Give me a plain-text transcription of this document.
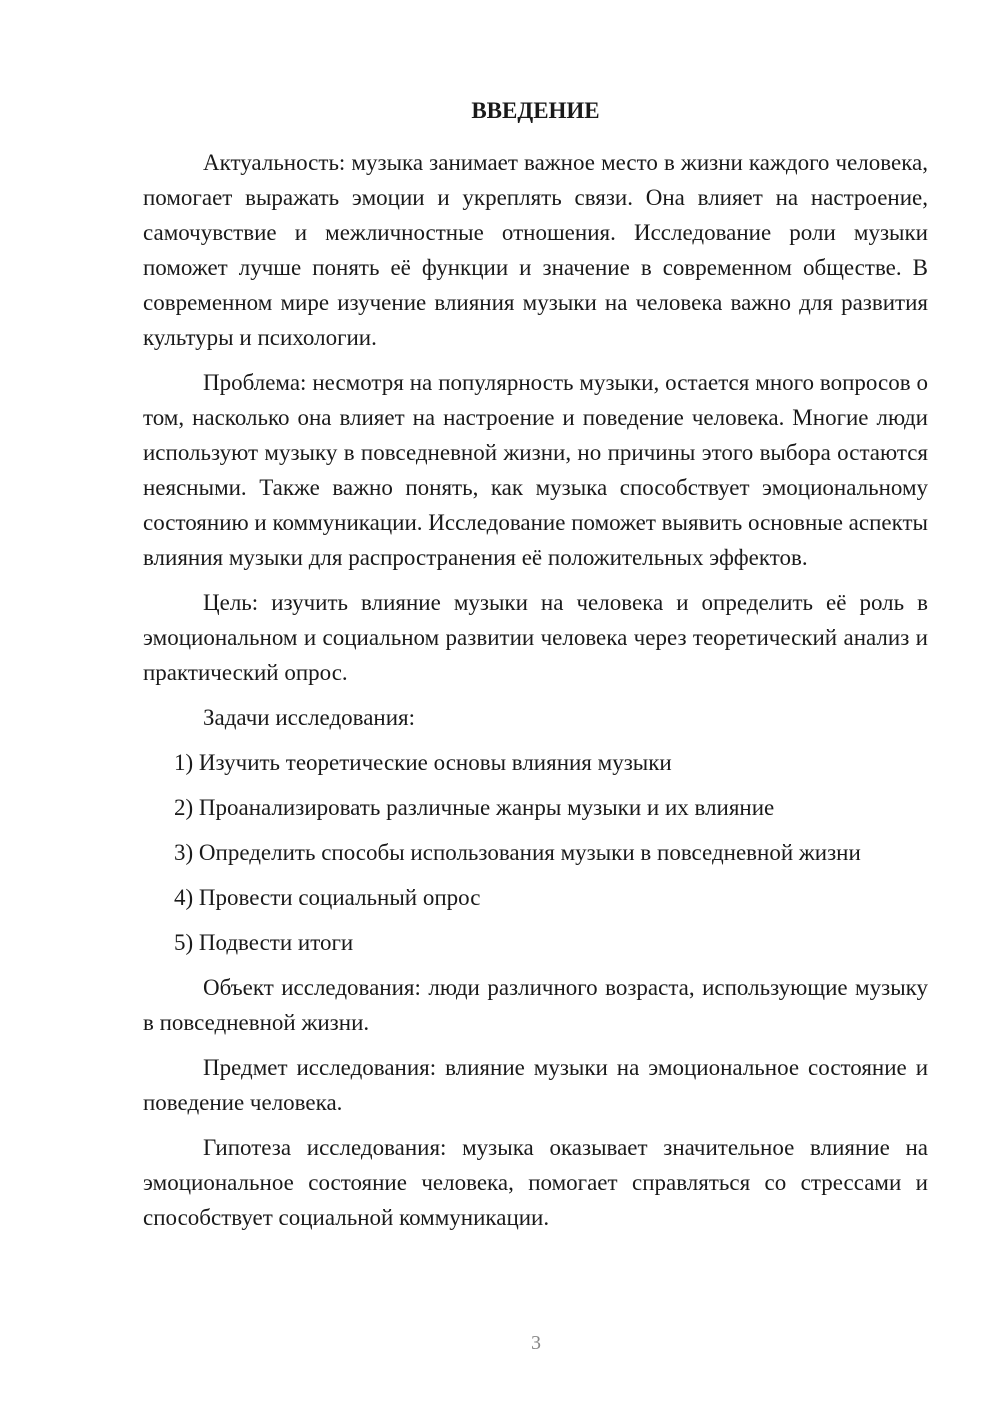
ВВЕДЕНИЕ

Актуальность: музыка занимает важное место в жизни каждого человека, помогает выражать эмоции и укреплять связи. Она влияет на настроение, самочувствие и межличностные отношения. Исследование роли музыки поможет лучше понять её функции и значение в современном обществе. В современном мире изучение влияния музыки на человека важно для развития культуры и психологии.

Проблема: несмотря на популярность музыки, остается много вопросов о том, насколько она влияет на настроение и поведение человека. Многие люди используют музыку в повседневной жизни, но причины этого выбора остаются неясными. Также важно понять, как музыка способствует эмоциональному состоянию и коммуникации. Исследование поможет выявить основные аспекты влияния музыки для распространения её положительных эффектов.

Цель: изучить влияние музыки на человека и определить её роль в эмоциональном и социальном развитии человека через теоретический анализ и практический опрос.

Задачи исследования:

1) Изучить теоретические основы влияния музыки

2) Проанализировать различные жанры музыки и их влияние

3) Определить способы использования музыки в повседневной жизни

4) Провести социальный опрос

5) Подвести итоги

Объект исследования: люди различного возраста, использующие музыку в повседневной жизни.

Предмет исследования: влияние музыки на эмоциональное состояние и поведение человека.

Гипотеза исследования: музыка оказывает значительное влияние на эмоциональное состояние человека, помогает справляться со стрессами и способствует социальной коммуникации.

3
